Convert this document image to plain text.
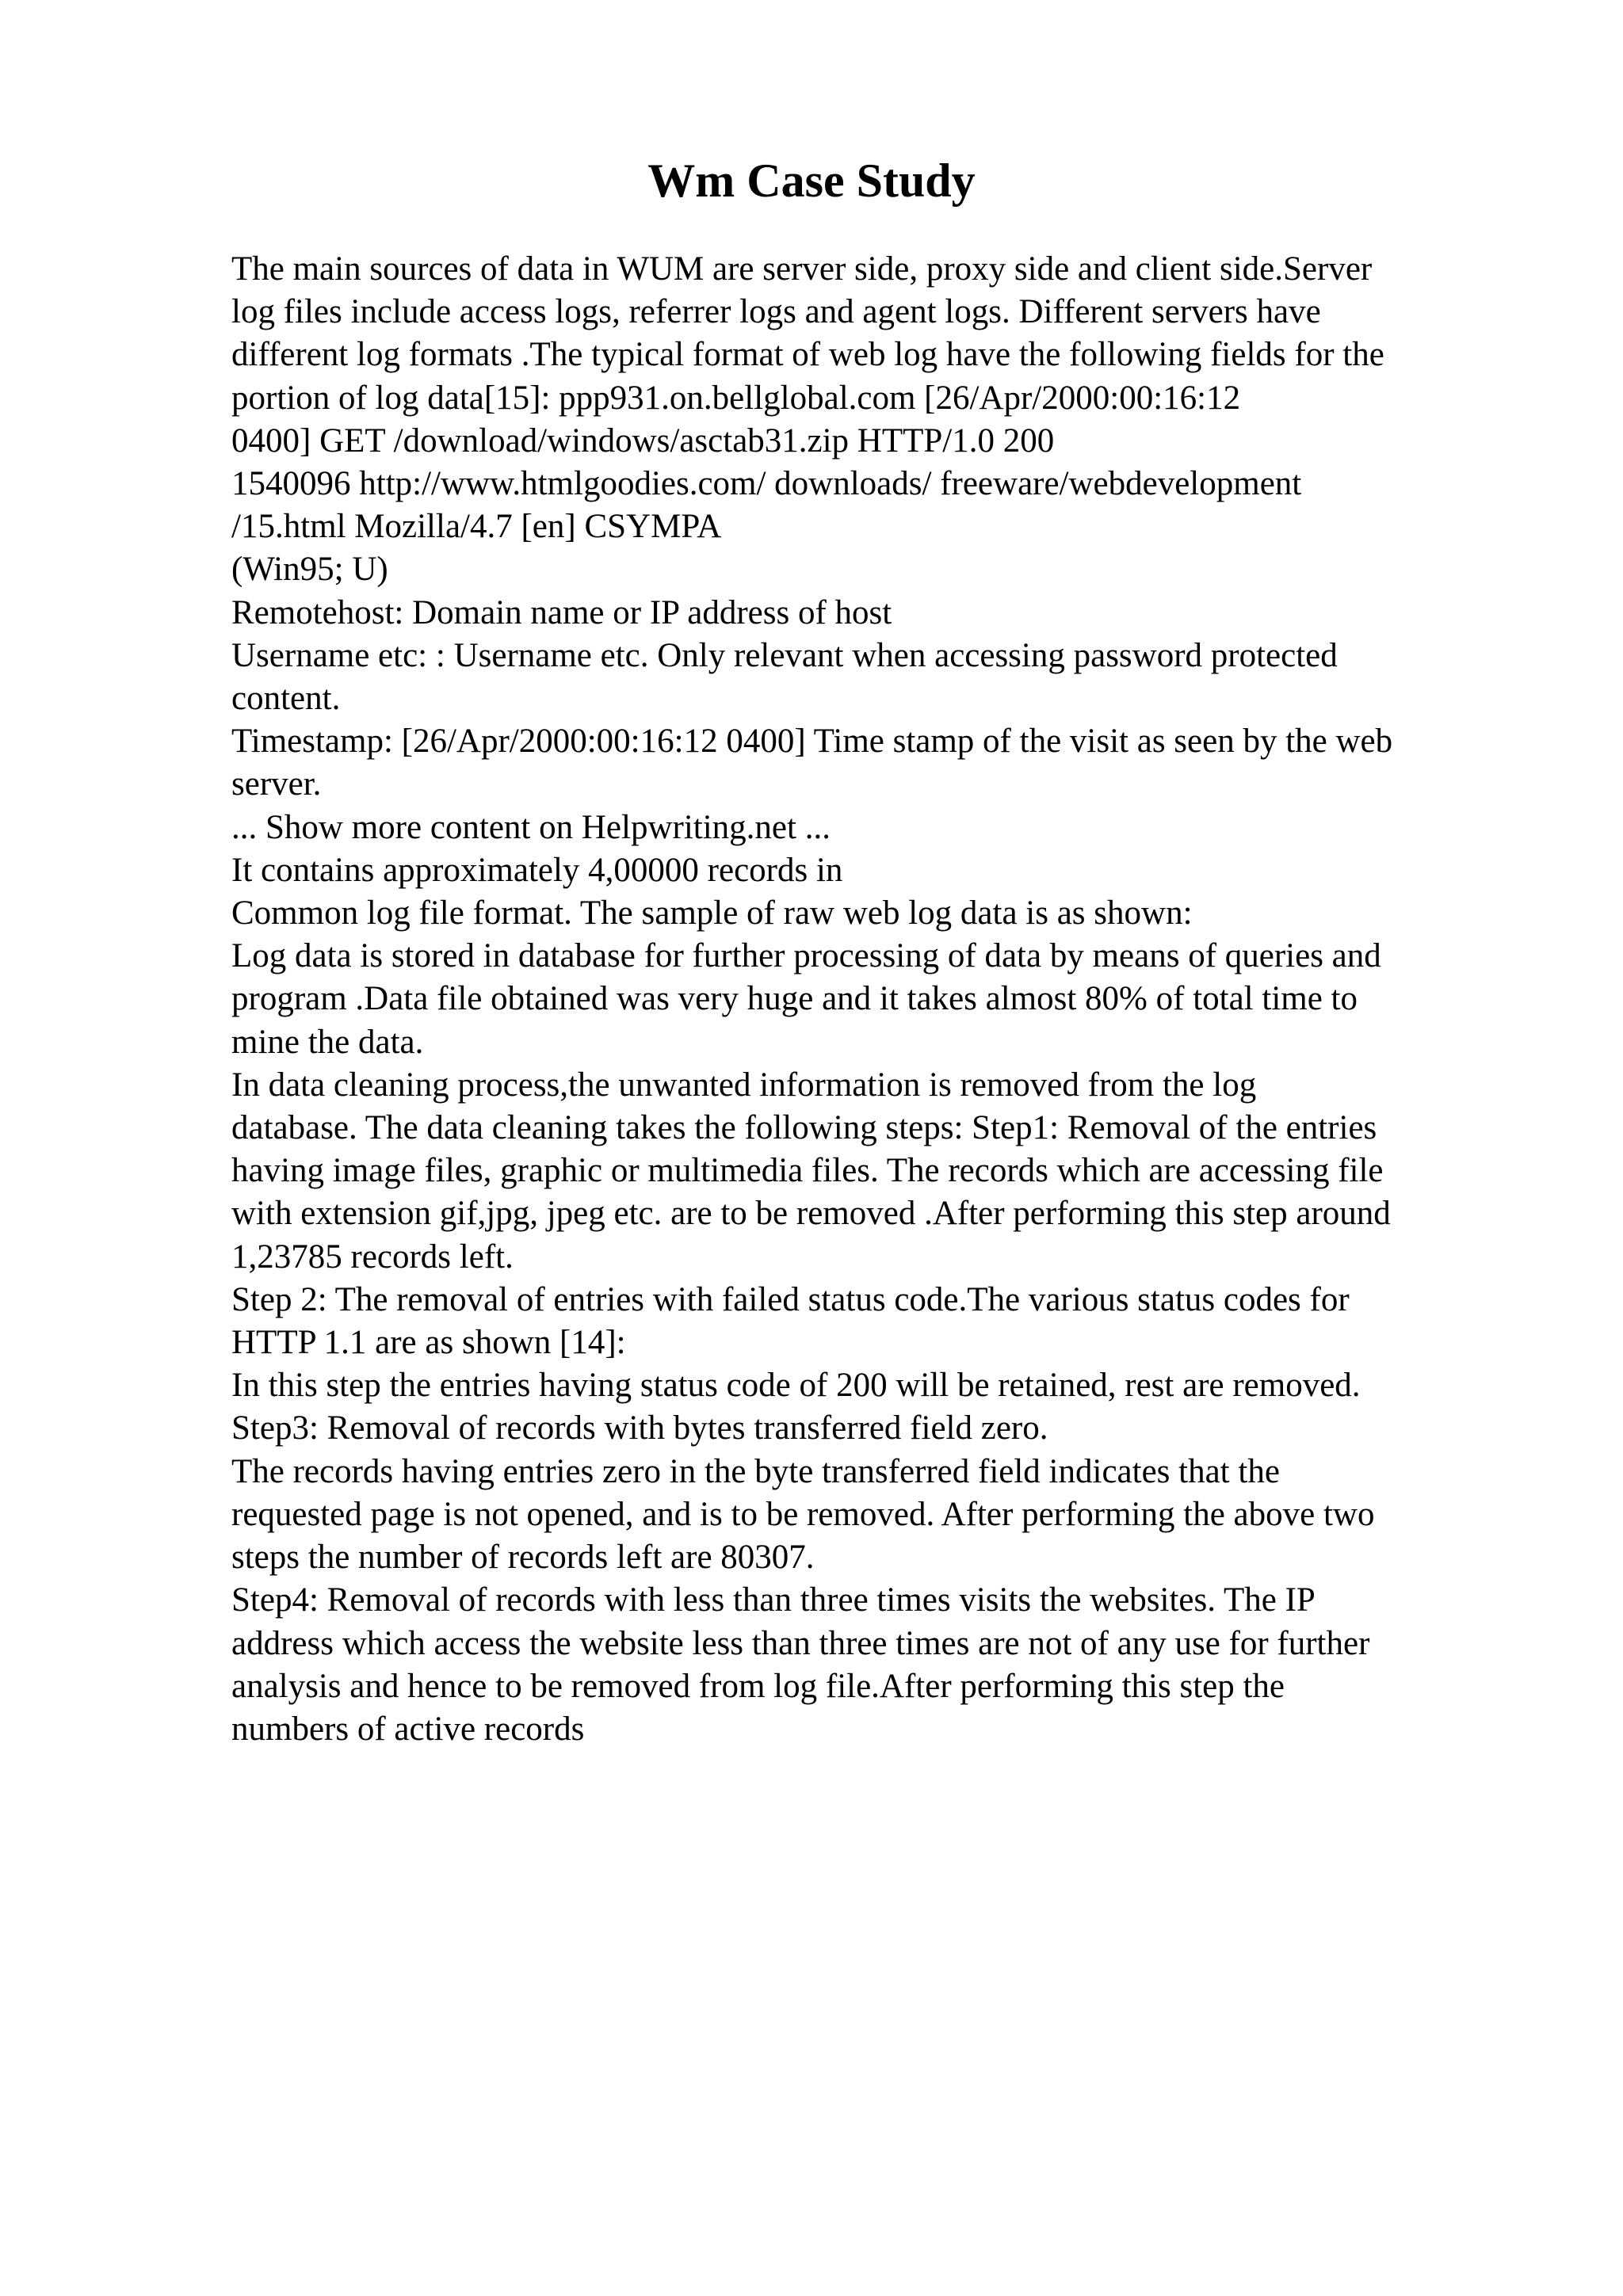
Wm Case Study
The main sources of data in WUM are server side, proxy side and client side.Server
log files include access logs, referrer logs and agent logs. Different servers have
different log formats .The typical format of web log have the following fields for the
portion of log data[15]: ppp931.on.bellglobal.com [26/Apr/2000:00:16:12
0400] GET /download/windows/asctab31.zip HTTP/1.0 200
1540096 http://www.htmlgoodies.com/ downloads/ freeware/webdevelopment
/15.html Mozilla/4.7 [en] CSYMPA
(Win95; U)
Remotehost: Domain name or IP address of host
Username etc: : Username etc. Only relevant when accessing password protected
content.
Timestamp: [26/Apr/2000:00:16:12 0400] Time stamp of the visit as seen by the web
server.
... Show more content on Helpwriting.net ...
It contains approximately 4,00000 records in
Common log file format. The sample of raw web log data is as shown:
Log data is stored in database for further processing of data by means of queries and
program .Data file obtained was very huge and it takes almost 80% of total time to
mine the data.
In data cleaning process,the unwanted information is removed from the log
database. The data cleaning takes the following steps: Step1: Removal of the entries
having image files, graphic or multimedia files. The records which are accessing file
with extension gif,jpg, jpeg etc. are to be removed .After performing this step around
1,23785 records left.
Step 2: The removal of entries with failed status code.The various status codes for
HTTP 1.1 are as shown [14]:
In this step the entries having status code of 200 will be retained, rest are removed.
Step3: Removal of records with bytes transferred field zero.
The records having entries zero in the byte transferred field indicates that the
requested page is not opened, and is to be removed. After performing the above two
steps the number of records left are 80307.
Step4: Removal of records with less than three times visits the websites. The IP
address which access the website less than three times are not of any use for further
analysis and hence to be removed from log file.After performing this step the
numbers of active records
